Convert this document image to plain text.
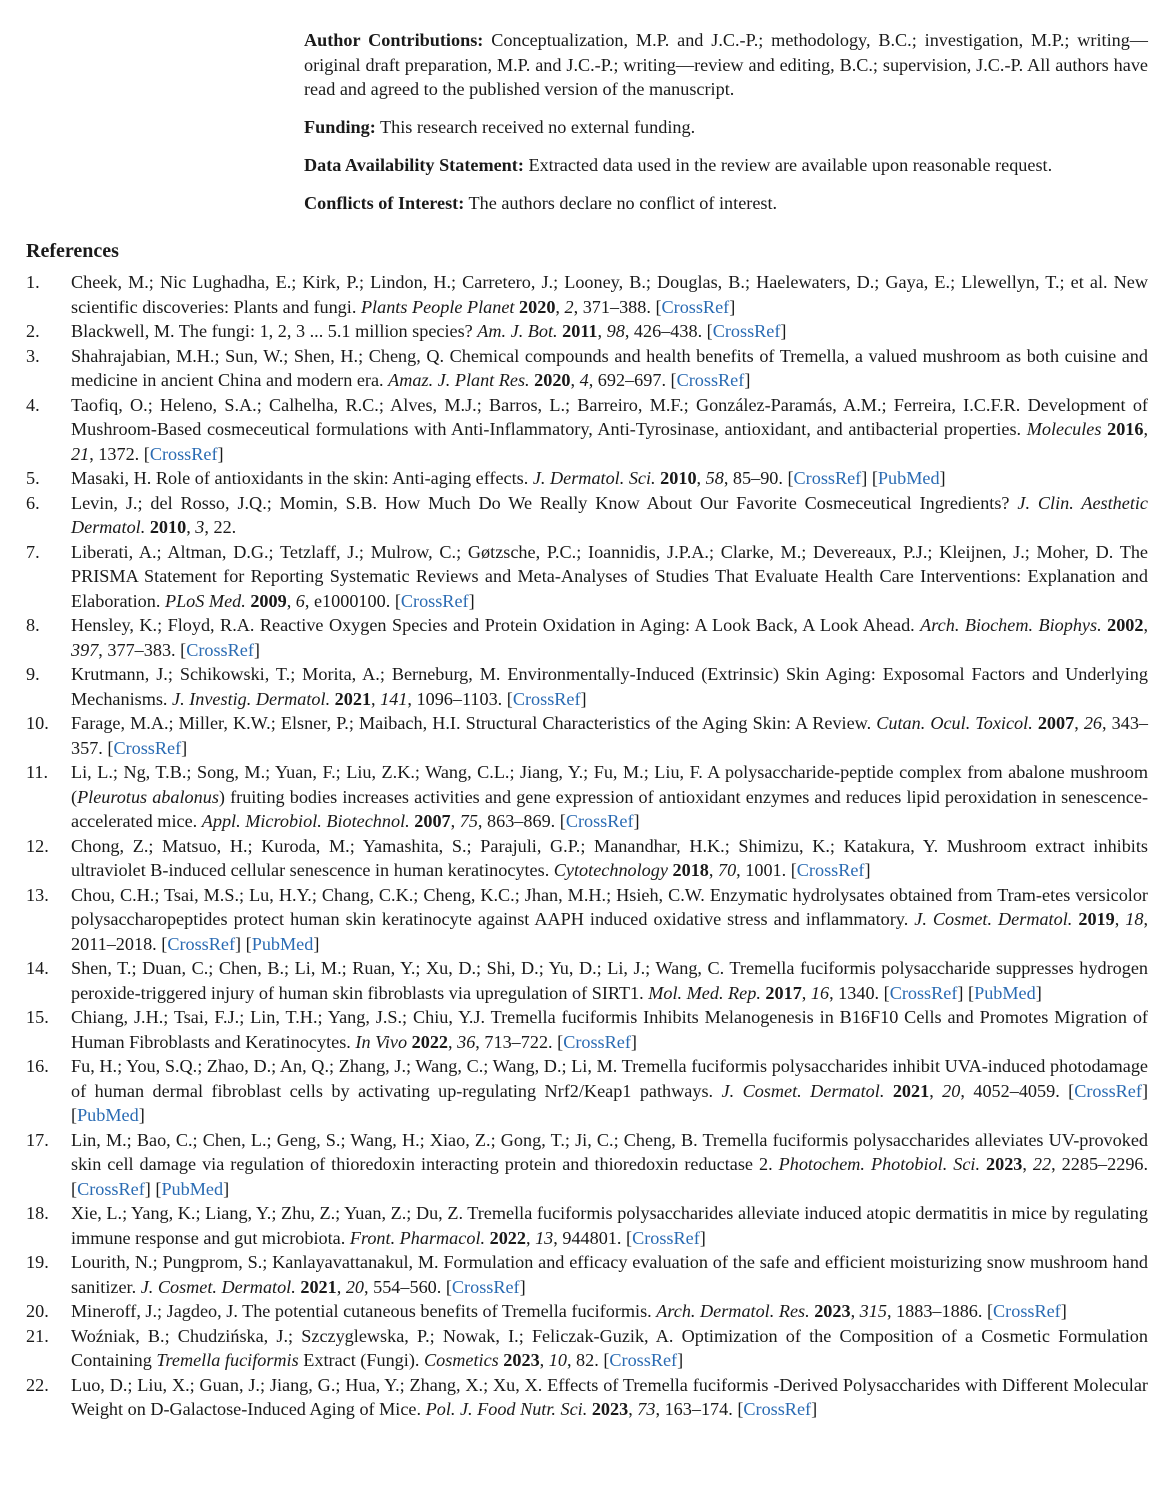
Author Contributions: Conceptualization, M.P. and J.C.-P.; methodology, B.C.; investigation, M.P.; writing—original draft preparation, M.P. and J.C.-P.; writing—review and editing, B.C.; supervision, J.C.-P. All authors have read and agreed to the published version of the manuscript.

Funding: This research received no external funding.

Data Availability Statement: Extracted data used in the review are available upon reasonable request.

Conflicts of Interest: The authors declare no conflict of interest.

References
1.	Cheek, M.; Nic Lughadha, E.; Kirk, P.; Lindon, H.; Carretero, J.; Looney, B.; Douglas, B.; Haelewaters, D.; Gaya, E.; Llewellyn, T.; et al. New scientific discoveries: Plants and fungi. Plants People Planet 2020, 2, 371–388. [CrossRef]
2.	Blackwell, M. The fungi: 1, 2, 3 ... 5.1 million species? Am. J. Bot. 2011, 98, 426–438. [CrossRef]
3.	Shahrajabian, M.H.; Sun, W.; Shen, H.; Cheng, Q. Chemical compounds and health benefits of Tremella, a valued mushroom as both cuisine and medicine in ancient China and modern era. Amaz. J. Plant Res. 2020, 4, 692–697. [CrossRef]
4.	Taofiq, O.; Heleno, S.A.; Calhelha, R.C.; Alves, M.J.; Barros, L.; Barreiro, M.F.; González-Paramás, A.M.; Ferreira, I.C.F.R. Development of Mushroom-Based cosmeceutical formulations with Anti-Inflammatory, Anti-Tyrosinase, antioxidant, and antibacterial properties. Molecules 2016, 21, 1372. [CrossRef]
5.	Masaki, H. Role of antioxidants in the skin: Anti-aging effects. J. Dermatol. Sci. 2010, 58, 85–90. [CrossRef] [PubMed]
6.	Levin, J.; del Rosso, J.Q.; Momin, S.B. How Much Do We Really Know About Our Favorite Cosmeceutical Ingredients? J. Clin. Aesthetic Dermatol. 2010, 3, 22.
7.	Liberati, A.; Altman, D.G.; Tetzlaff, J.; Mulrow, C.; Gøtzsche, P.C.; Ioannidis, J.P.A.; Clarke, M.; Devereaux, P.J.; Kleijnen, J.; Moher, D. The PRISMA Statement for Reporting Systematic Reviews and Meta-Analyses of Studies That Evaluate Health Care Interventions: Explanation and Elaboration. PLoS Med. 2009, 6, e1000100. [CrossRef]
8.	Hensley, K.; Floyd, R.A. Reactive Oxygen Species and Protein Oxidation in Aging: A Look Back, A Look Ahead. Arch. Biochem. Biophys. 2002, 397, 377–383. [CrossRef]
9.	Krutmann, J.; Schikowski, T.; Morita, A.; Berneburg, M. Environmentally-Induced (Extrinsic) Skin Aging: Exposomal Factors and Underlying Mechanisms. J. Investig. Dermatol. 2021, 141, 1096–1103. [CrossRef]
10.	Farage, M.A.; Miller, K.W.; Elsner, P.; Maibach, H.I. Structural Characteristics of the Aging Skin: A Review. Cutan. Ocul. Toxicol. 2007, 26, 343–357. [CrossRef]
11.	Li, L.; Ng, T.B.; Song, M.; Yuan, F.; Liu, Z.K.; Wang, C.L.; Jiang, Y.; Fu, M.; Liu, F. A polysaccharide-peptide complex from abalone mushroom (Pleurotus abalonus) fruiting bodies increases activities and gene expression of antioxidant enzymes and reduces lipid peroxidation in senescence-accelerated mice. Appl. Microbiol. Biotechnol. 2007, 75, 863–869. [CrossRef]
12.	Chong, Z.; Matsuo, H.; Kuroda, M.; Yamashita, S.; Parajuli, G.P.; Manandhar, H.K.; Shimizu, K.; Katakura, Y. Mushroom extract inhibits ultraviolet B-induced cellular senescence in human keratinocytes. Cytotechnology 2018, 70, 1001. [CrossRef]
13.	Chou, C.H.; Tsai, M.S.; Lu, H.Y.; Chang, C.K.; Cheng, K.C.; Jhan, M.H.; Hsieh, C.W. Enzymatic hydrolysates obtained from Tram-etes versicolor polysaccharopeptides protect human skin keratinocyte against AAPH induced oxidative stress and inflammatory. J. Cosmet. Dermatol. 2019, 18, 2011–2018. [CrossRef] [PubMed]
14.	Shen, T.; Duan, C.; Chen, B.; Li, M.; Ruan, Y.; Xu, D.; Shi, D.; Yu, D.; Li, J.; Wang, C. Tremella fuciformis polysaccharide suppresses hydrogen peroxide-triggered injury of human skin fibroblasts via upregulation of SIRT1. Mol. Med. Rep. 2017, 16, 1340. [CrossRef] [PubMed]
15.	Chiang, J.H.; Tsai, F.J.; Lin, T.H.; Yang, J.S.; Chiu, Y.J. Tremella fuciformis Inhibits Melanogenesis in B16F10 Cells and Promotes Migration of Human Fibroblasts and Keratinocytes. In Vivo 2022, 36, 713–722. [CrossRef]
16.	Fu, H.; You, S.Q.; Zhao, D.; An, Q.; Zhang, J.; Wang, C.; Wang, D.; Li, M. Tremella fuciformis polysaccharides inhibit UVA-induced photodamage of human dermal fibroblast cells by activating up-regulating Nrf2/Keap1 pathways. J. Cosmet. Dermatol. 2021, 20, 4052–4059. [CrossRef] [PubMed]
17.	Lin, M.; Bao, C.; Chen, L.; Geng, S.; Wang, H.; Xiao, Z.; Gong, T.; Ji, C.; Cheng, B. Tremella fuciformis polysaccharides alleviates UV-provoked skin cell damage via regulation of thioredoxin interacting protein and thioredoxin reductase 2. Photochem. Photobiol. Sci. 2023, 22, 2285–2296. [CrossRef] [PubMed]
18.	Xie, L.; Yang, K.; Liang, Y.; Zhu, Z.; Yuan, Z.; Du, Z. Tremella fuciformis polysaccharides alleviate induced atopic dermatitis in mice by regulating immune response and gut microbiota. Front. Pharmacol. 2022, 13, 944801. [CrossRef]
19.	Lourith, N.; Pungprom, S.; Kanlayavattanakul, M. Formulation and efficacy evaluation of the safe and efficient moisturizing snow mushroom hand sanitizer. J. Cosmet. Dermatol. 2021, 20, 554–560. [CrossRef]
20.	Mineroff, J.; Jagdeo, J. The potential cutaneous benefits of Tremella fuciformis. Arch. Dermatol. Res. 2023, 315, 1883–1886. [CrossRef]
21.	Woźniak, B.; Chudzińska, J.; Szczyglewska, P.; Nowak, I.; Feliczak-Guzik, A. Optimization of the Composition of a Cosmetic Formulation Containing Tremella fuciformis Extract (Fungi). Cosmetics 2023, 10, 82. [CrossRef]
22.	Luo, D.; Liu, X.; Guan, J.; Jiang, G.; Hua, Y.; Zhang, X.; Xu, X. Effects of Tremella fuciformis -Derived Polysaccharides with Different Molecular Weight on D-Galactose-Induced Aging of Mice. Pol. J. Food Nutr. Sci. 2023, 73, 163–174. [CrossRef]
